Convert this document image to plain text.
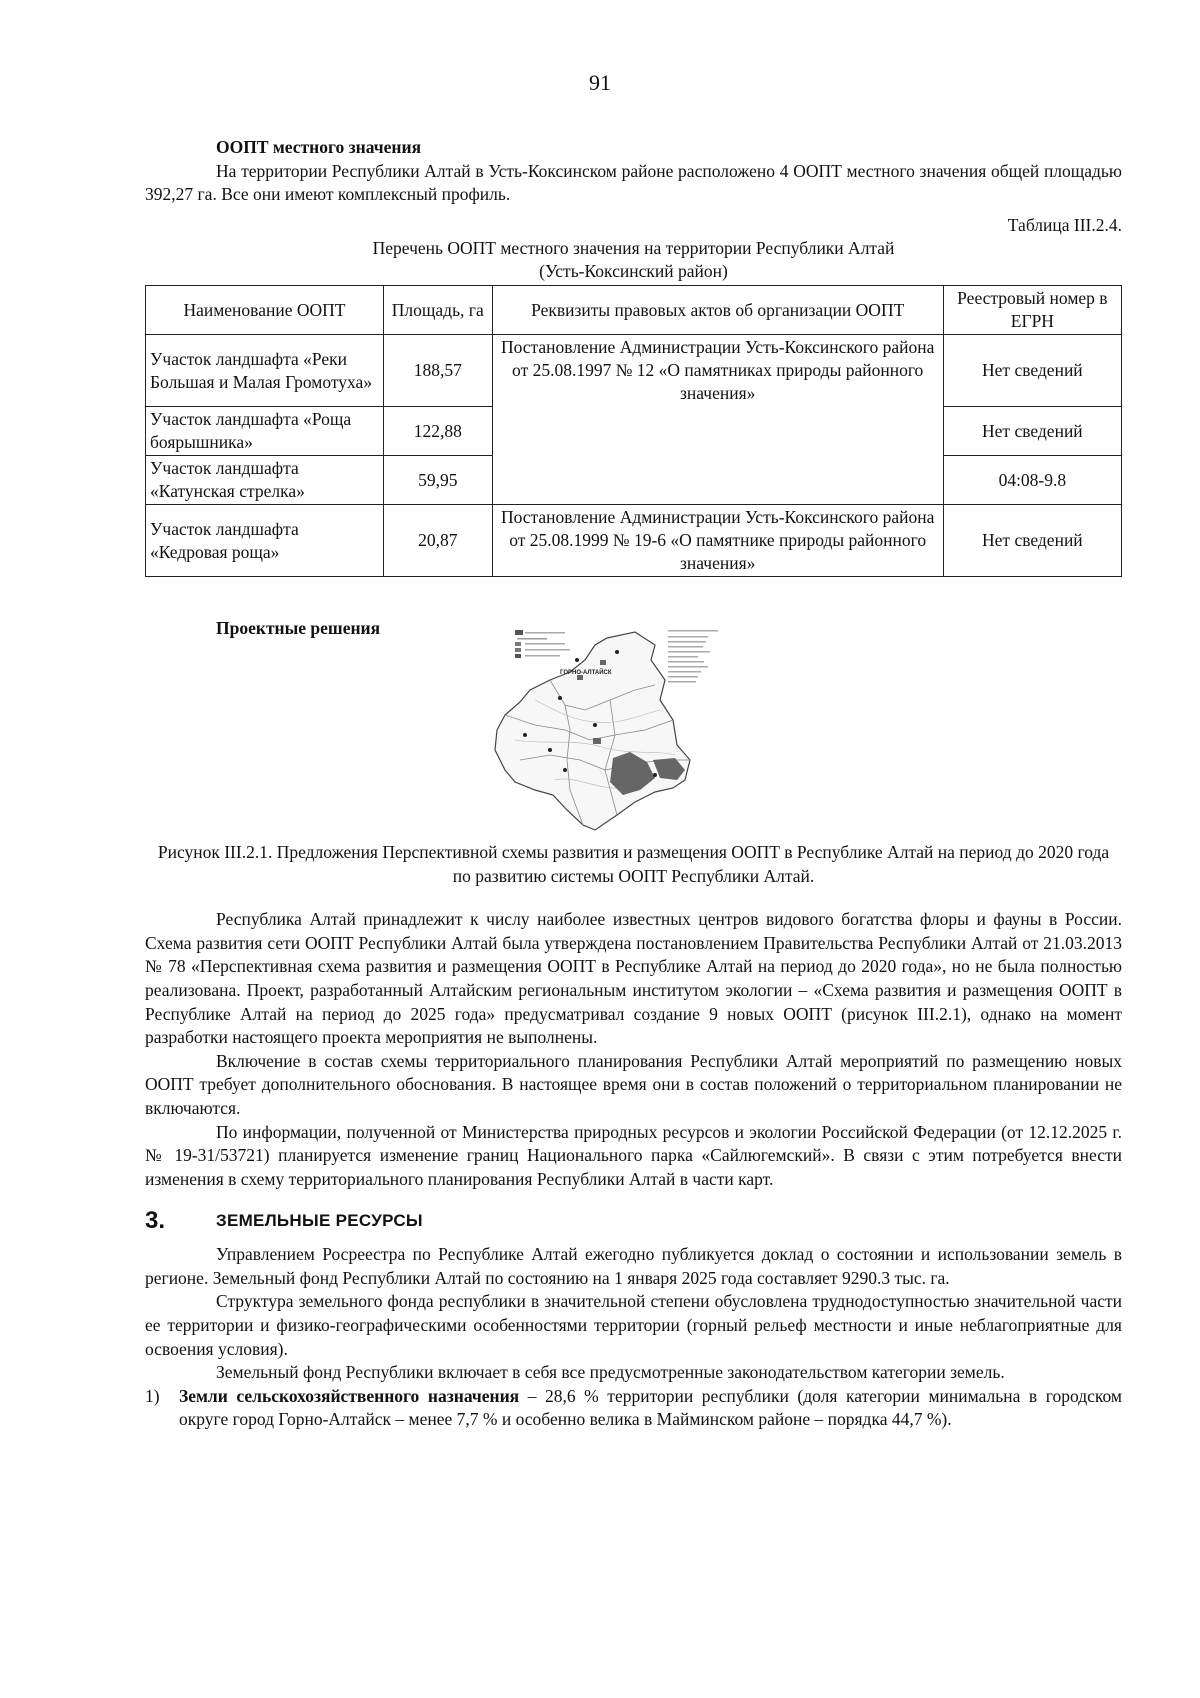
91
ООПТ местного значения

На территории Республики Алтай в Усть-Коксинском районе расположено 4 ООПТ местного значения общей площадью 392,27 га. Все они имеют комплексный профиль.

Таблица III.2.4.
Перечень ООПТ местного значения на территории Республики Алтай
(Усть-Коксинский район)
Наименование ООПТ	Площадь, га	Реквизиты правовых актов об организации ООПТ	Реестровый номер в ЕГРН
Участок ландшафта «Реки Большая и Малая Громотуха»	188,57	Постановление Администрации Усть-Коксинского района от 25.08.1997 № 12 «О памятниках природы районного значения»	Нет сведений
Участок ландшафта «Роща боярышника»	122,88		Нет сведений
Участок ландшафта «Катунская стрелка»	59,95		04:08-9.8
Участок ландшафта «Кедровая роща»	20,87	Постановление Администрации Усть-Коксинского района от 25.08.1999 № 19-6 «О памятнике природы районного значения»	Нет сведений
Проектные решения
Рисунок III.2.1. Предложения Перспективной схемы развития и размещения ООПТ в Республике Алтай на период до 2020 года по развитию системы ООПТ Республики Алтай.

Республика Алтай принадлежит к числу наиболее известных центров видового богатства флоры и фауны в России. Схема развития сети ООПТ Республики Алтай была утверждена постановлением Правительства Республики Алтай от 21.03.2013 № 78 «Перспективная схема развития и размещения ООПТ в Республике Алтай на период до 2020 года», но не была полностью реализована. Проект, разработанный Алтайским региональным институтом экологии – «Схема развития и размещения ООПТ в Республике Алтай на период до 2025 года» предусматривал создание 9 новых ООПТ (рисунок III.2.1), однако на момент разработки настоящего проекта мероприятия не выполнены.

Включение в состав схемы территориального планирования Республики Алтай мероприятий по размещению новых ООПТ требует дополнительного обоснования. В настоящее время они в состав положений о территориальном планировании не включаются.

По информации, полученной от Министерства природных ресурсов и экологии Российской Федерации (от 12.12.2025 г. № 19-31/53721) планируется изменение границ Национального парка «Сайлюгемский». В связи с этим потребуется внести изменения в схему территориального планирования Республики Алтай в части карт.

3.	ЗЕМЕЛЬНЫЕ РЕСУРСЫ

Управлением Росреестра по Республике Алтай ежегодно публикуется доклад о состоянии и использовании земель в регионе. Земельный фонд Республики Алтай по состоянию на 1 января 2025 года составляет 9290.3 тыс. га.

Структура земельного фонда республики в значительной степени обусловлена труднодоступностью значительной части ее территории и физико-географическими особенностями территории (горный рельеф местности и иные неблагоприятные для освоения условия).

Земельный фонд Республики включает в себя все предусмотренные законодательством категории земель.

1) Земли сельскохозяйственного назначения – 28,6 % территории республики (доля категории минимальна в городском округе город Горно-Алтайск – менее 7,7 % и особенно велика в Майминском районе – порядка 44,7 %).

ГОРНО-АЛТАЙСК
